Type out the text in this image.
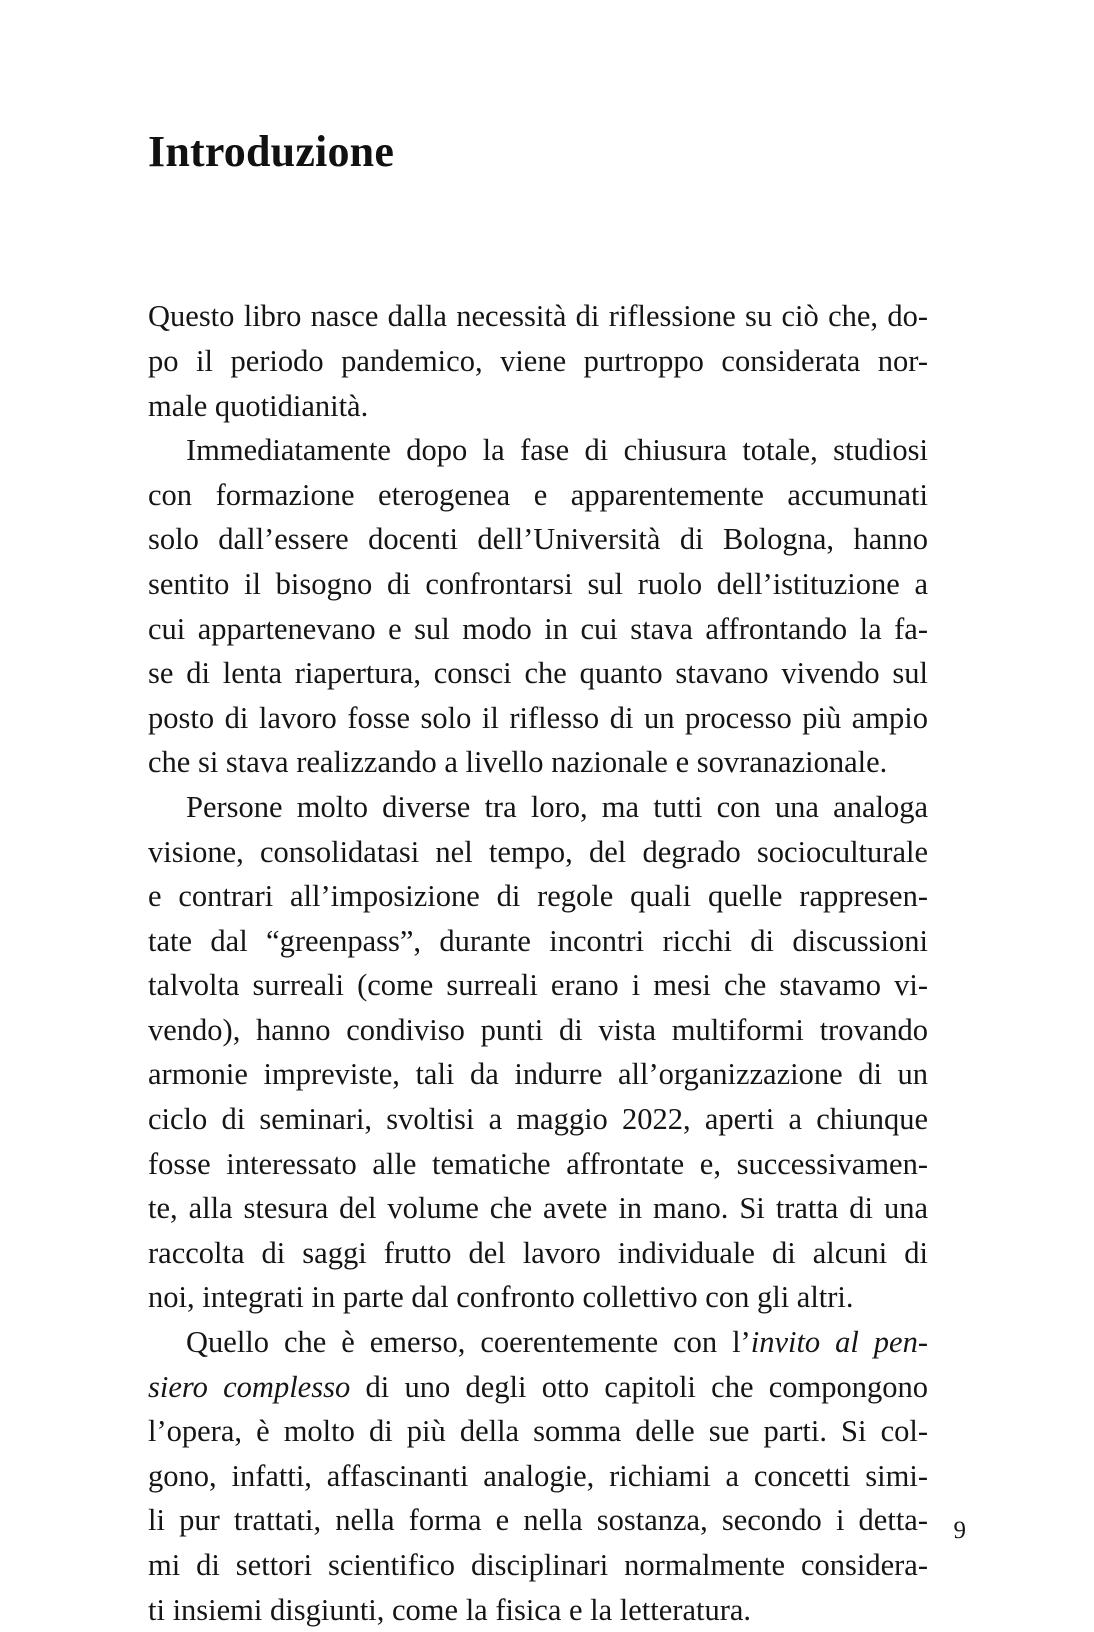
Introduzione

Questo libro nasce dalla necessità di riflessione su ciò che, do-
po il periodo pandemico, viene purtroppo considerata nor-
male quotidianità.

Immediatamente dopo la fase di chiusura totale, studiosi
con formazione eterogenea e apparentemente accumunati
solo dall’essere docenti dell’Università di Bologna, hanno
sentito il bisogno di confrontarsi sul ruolo dell’istituzione a
cui appartenevano e sul modo in cui stava affrontando la fa-
se di lenta riapertura, consci che quanto stavano vivendo sul
posto di lavoro fosse solo il riflesso di un processo più ampio
che si stava realizzando a livello nazionale e sovranazionale.

Persone molto diverse tra loro, ma tutti con una analoga
visione, consolidatasi nel tempo, del degrado socioculturale
e contrari all’imposizione di regole quali quelle rappresen-
tate dal “greenpass”, durante incontri ricchi di discussioni
talvolta surreali (come surreali erano i mesi che stavamo vi-
vendo), hanno condiviso punti di vista multiformi trovando
armonie impreviste, tali da indurre all’organizzazione di un
ciclo di seminari, svoltisi a maggio 2022, aperti a chiunque
fosse interessato alle tematiche affrontate e, successivamen-
te, alla stesura del volume che avete in mano. Si tratta di una
raccolta di saggi frutto del lavoro individuale di alcuni di
noi, integrati in parte dal confronto collettivo con gli altri.

Quello che è emerso, coerentemente con l’invito al pen-
siero complesso di uno degli otto capitoli che compongono
l’opera, è molto di più della somma delle sue parti. Si col-
gono, infatti, affascinanti analogie, richiami a concetti simi-
li pur trattati, nella forma e nella sostanza, secondo i detta-
mi di settori scientifico disciplinari normalmente considera-
ti insiemi disgiunti, come la fisica e la letteratura.

9
